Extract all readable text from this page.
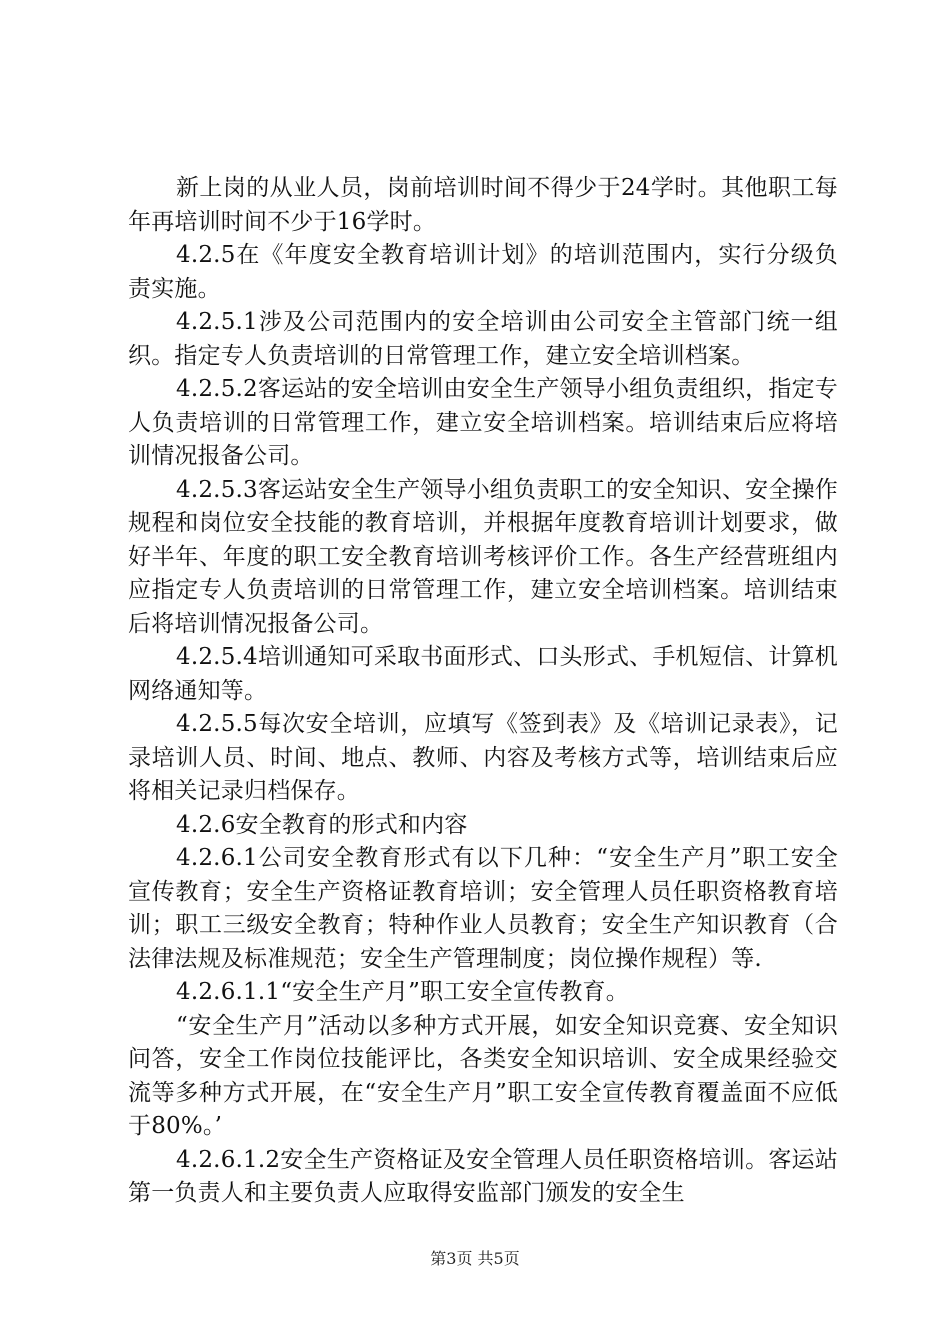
新上岗的从业人员，岗前培训时间不得少于24学时。其他职工每年再培训时间不少于16学时。

4.2.5在《年度安全教育培训计划》的培训范围内，实行分级负责实施。

4.2.5.1涉及公司范围内的安全培训由公司安全主管部门统一组织。指定专人负责培训的日常管理工作，建立安全培训档案。

4.2.5.2客运站的安全培训由安全生产领导小组负责组织，指定专人负责培训的日常管理工作，建立安全培训档案。培训结束后应将培训情况报备公司。

4.2.5.3客运站安全生产领导小组负责职工的安全知识、安全操作规程和岗位安全技能的教育培训，并根据年度教育培训计划要求，做好半年、年度的职工安全教育培训考核评价工作。各生产经营班组内应指定专人负责培训的日常管理工作，建立安全培训档案。培训结束后将培训情况报备公司。

4.2.5.4培训通知可采取书面形式、口头形式、手机短信、计算机网络通知等。

4.2.5.5每次安全培训，应填写《签到表》及《培训记录表》，记录培训人员、时间、地点、教师、内容及考核方式等，培训结束后应将相关记录归档保存。

4.2.6安全教育的形式和内容

4.2.6.1公司安全教育形式有以下几种：“安全生产月”职工安全宣传教育；安全生产资格证教育培训；安全管理人员任职资格教育培训；职工三级安全教育；特种作业人员教育；安全生产知识教育（合法律法规及标准规范；安全生产管理制度；岗位操作规程）等.

4.2.6.1.1“安全生产月”职工安全宣传教育。

“安全生产月”活动以多种方式开展，如安全知识竞赛、安全知识问答，安全工作岗位技能评比，各类安全知识培训、安全成果经验交流等多种方式开展，在“安全生产月”职工安全宣传教育覆盖面不应低于80%。’

4.2.6.1.2安全生产资格证及安全管理人员任职资格培训。客运站第一负责人和主要负责人应取得安监部门颁发的安全生

第3页 共5页
